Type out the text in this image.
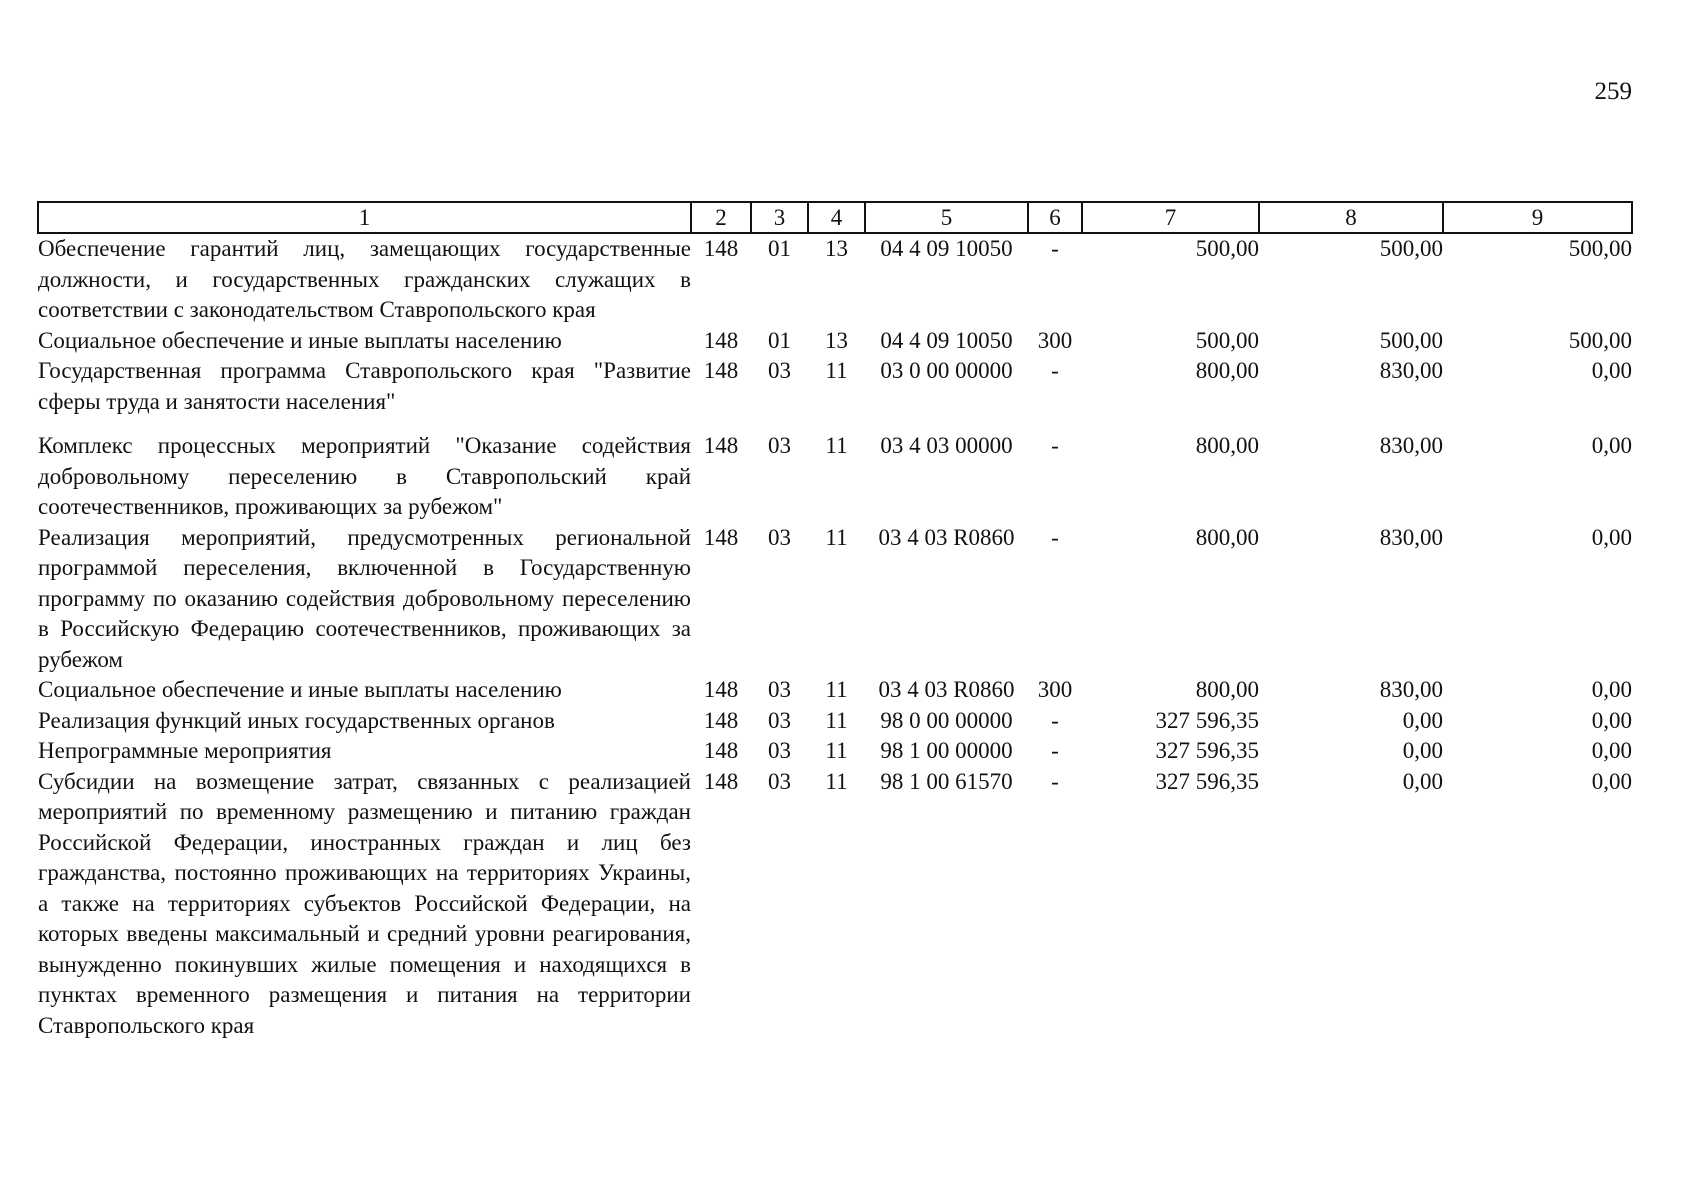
259
1	2	3	4	5	6	7	8	9
Обеспечение гарантий лиц, замещающих государственные должности, и государственных гражданских служащих в соответствии с законодательством Ставропольского края	148	01	13	04 4 09 10050	-	500,00	500,00	500,00
Социальное обеспечение и иные выплаты населению	148	01	13	04 4 09 10050	300	500,00	500,00	500,00
Государственная программа Ставропольского края "Развитие сферы труда и занятости населения"	148	03	11	03 0 00 00000	-	800,00	830,00	0,00
Комплекс процессных мероприятий "Оказание содействия добровольному переселению в Ставропольский край соотечественников, проживающих за рубежом"	148	03	11	03 4 03 00000	-	800,00	830,00	0,00
Реализация мероприятий, предусмотренных региональной программой переселения, включенной в Государственную программу по оказанию содействия добровольному переселению в Российскую Федерацию соотечественников, проживающих за рубежом	148	03	11	03 4 03 R0860	-	800,00	830,00	0,00
Социальное обеспечение и иные выплаты населению	148	03	11	03 4 03 R0860	300	800,00	830,00	0,00
Реализация функций иных государственных органов	148	03	11	98 0 00 00000	-	327 596,35	0,00	0,00
Непрограммные мероприятия	148	03	11	98 1 00 00000	-	327 596,35	0,00	0,00
Субсидии на возмещение затрат, связанных с реализацией мероприятий по временному размещению и питанию граждан Российской Федерации, иностранных граждан и лиц без гражданства, постоянно проживающих на территориях Украины, а также на территориях субъектов Российской Федерации, на которых введены максимальный и средний уровни реагирования, вынужденно покинувших жилые помещения и находящихся в пунктах временного размещения и питания на территории Ставропольского края	148	03	11	98 1 00 61570	-	327 596,35	0,00	0,00
